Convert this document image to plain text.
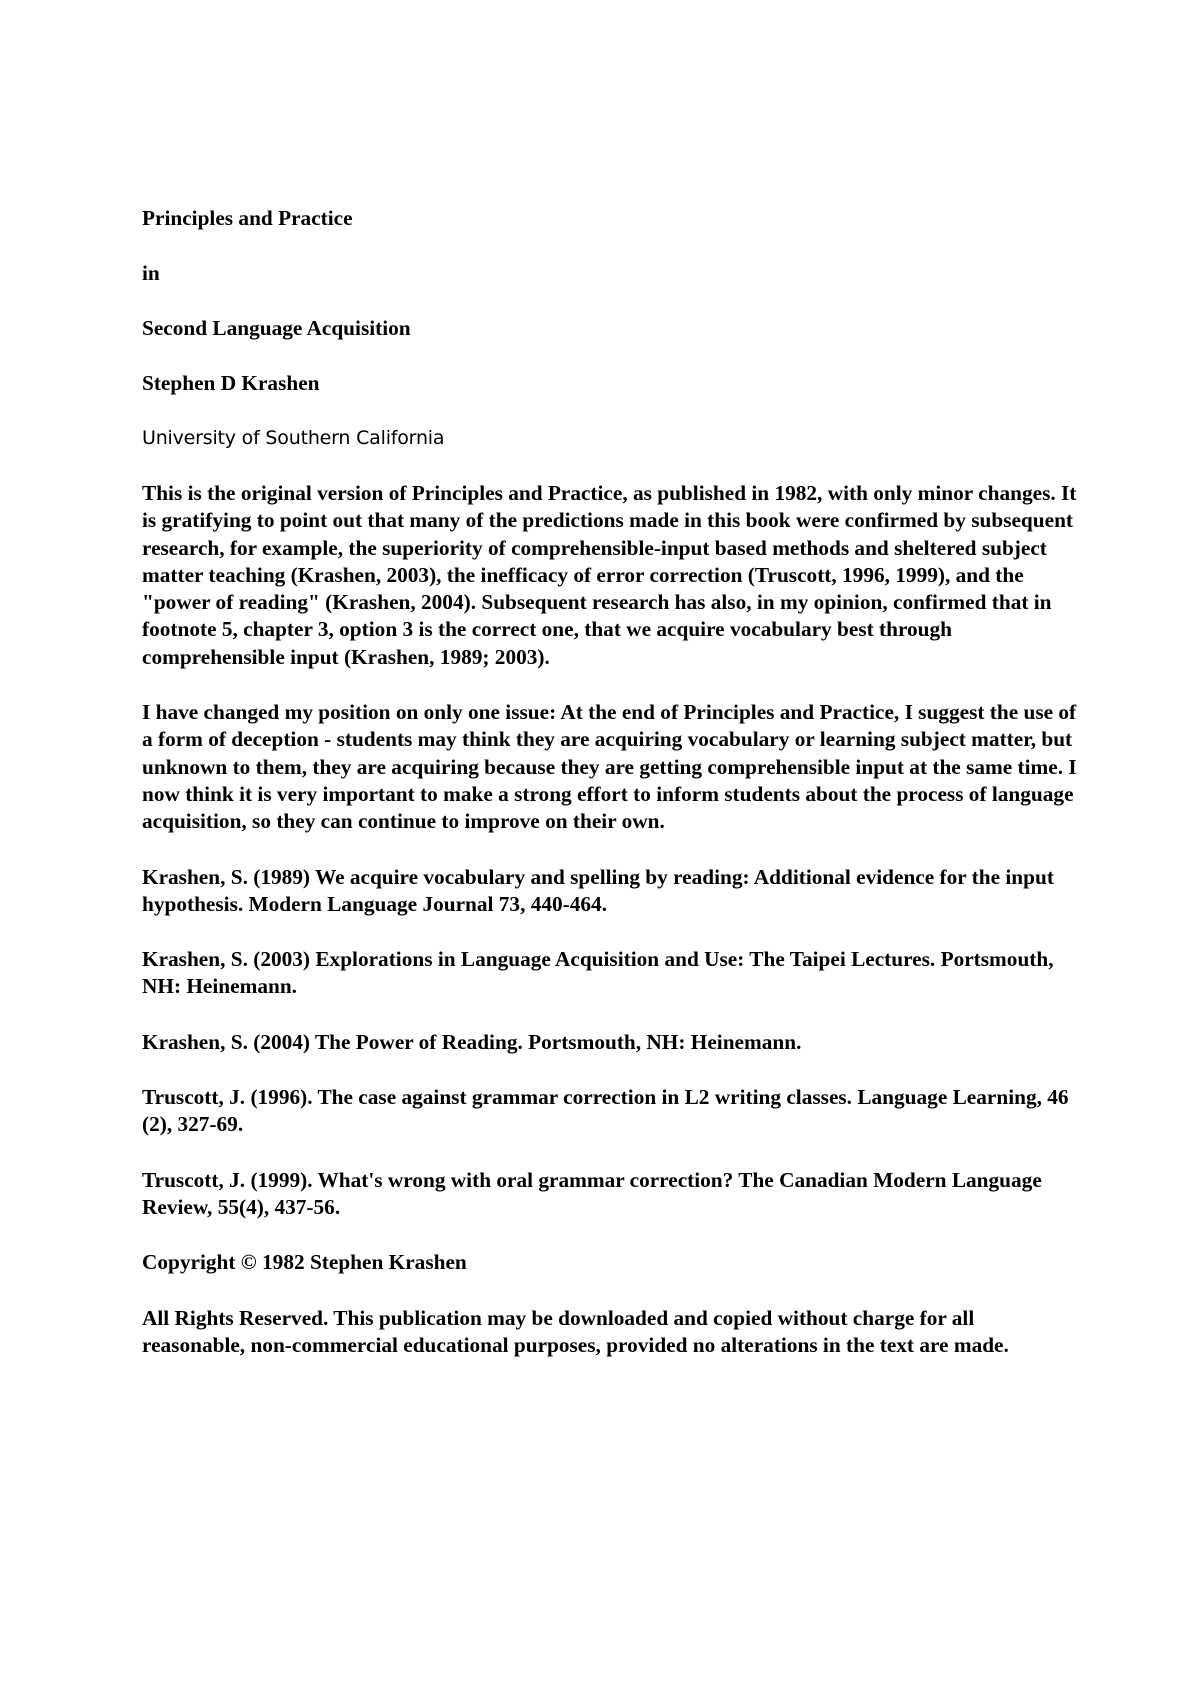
Principles and Practice
in
Second Language Acquisition
Stephen D Krashen
University of Southern California

This is the original version of Principles and Practice, as published in 1982, with only minor changes. It is gratifying to point out that many of the predictions made in this book were confirmed by subsequent research, for example, the superiority of comprehensible-input based methods and sheltered subject matter teaching (Krashen, 2003), the inefficacy of error correction (Truscott, 1996, 1999), and the "power of reading" (Krashen, 2004). Subsequent research has also, in my opinion, confirmed that in footnote 5, chapter 3, option 3 is the correct one, that we acquire vocabulary best through comprehensible input (Krashen, 1989; 2003).

I have changed my position on only one issue: At the end of Principles and Practice, I suggest the use of a form of deception - students may think they are acquiring vocabulary or learning subject matter, but unknown to them, they are acquiring because they are getting comprehensible input at the same time. I now think it is very important to make a strong effort to inform students about the process of language acquisition, so they can continue to improve on their own.

Krashen, S. (1989) We acquire vocabulary and spelling by reading: Additional evidence for the input hypothesis. Modern Language Journal 73, 440-464.

Krashen, S. (2003) Explorations in Language Acquisition and Use: The Taipei Lectures. Portsmouth, NH: Heinemann.

Krashen, S. (2004) The Power of Reading. Portsmouth, NH: Heinemann.

Truscott, J. (1996). The case against grammar correction in L2 writing classes. Language Learning, 46 (2), 327-69.

Truscott, J. (1999). What's wrong with oral grammar correction? The Canadian Modern Language Review, 55(4), 437-56.

Copyright © 1982 Stephen Krashen

All Rights Reserved. This publication may be downloaded and copied without charge for all reasonable, non-commercial educational purposes, provided no alterations in the text are made.
